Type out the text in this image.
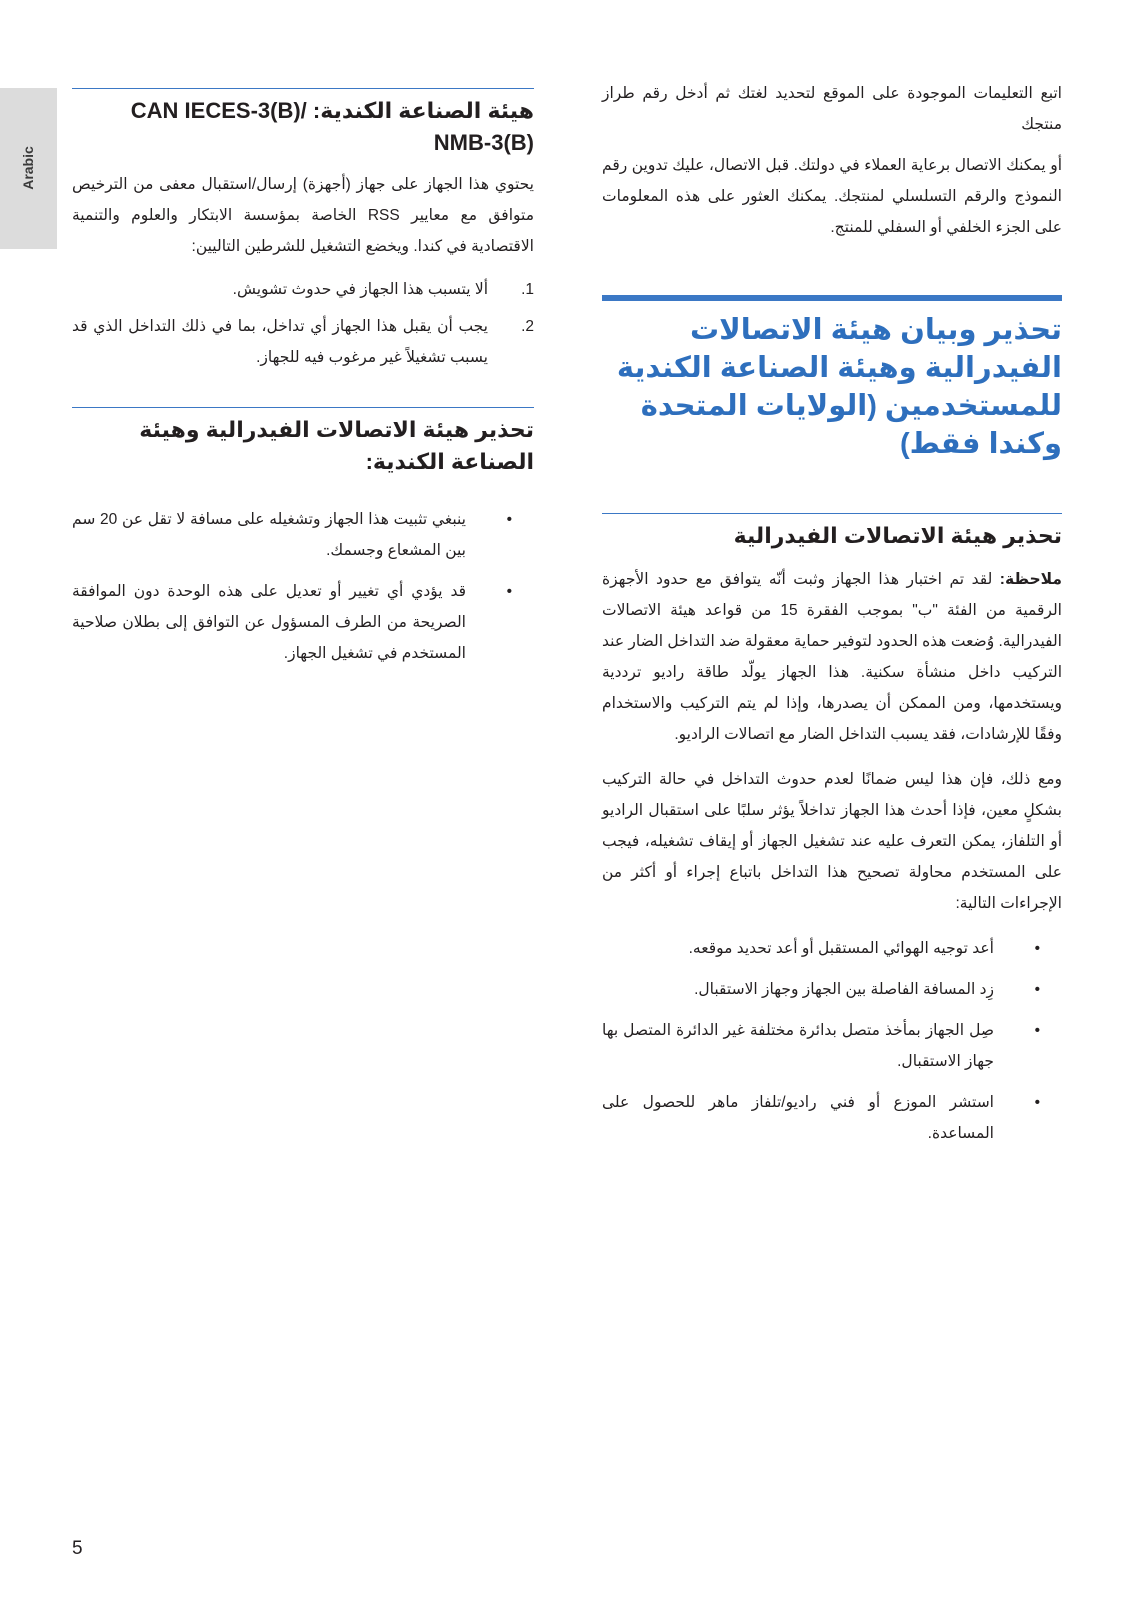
Arabic

اتبع التعليمات الموجودة على الموقع لتحديد لغتك ثم أدخل رقم طراز منتجك

أو يمكنك الاتصال برعاية العملاء في دولتك. قبل الاتصال، عليك تدوين رقم النموذج والرقم التسلسلي لمنتجك. يمكنك العثور على هذه المعلومات على الجزء الخلفي أو السفلي للمنتج.

تحذير وبيان هيئة الاتصالات الفيدرالية وهيئة الصناعة الكندية للمستخدمين (الولايات المتحدة وكندا فقط)
تحذير هيئة الاتصالات الفيدرالية

ملاحظة: لقد تم اختبار هذا الجهاز وثبت أنّه يتوافق مع حدود الأجهزة الرقمية من الفئة "ب" بموجب الفقرة 15 من قواعد هيئة الاتصالات الفيدرالية. وُضعت هذه الحدود لتوفير حماية معقولة ضد التداخل الضار عند التركيب داخل منشأة سكنية. هذا الجهاز يولّد طاقة راديو ترددية ويستخدمها، ومن الممكن أن يصدرها، وإذا لم يتم التركيب والاستخدام وفقًا للإرشادات، فقد يسبب التداخل الضار مع اتصالات الراديو.

ومع ذلك، فإن هذا ليس ضمانًا لعدم حدوث التداخل في حالة التركيب بشكلٍ معين، فإذا أحدث هذا الجهاز تداخلاً يؤثر سلبًا على استقبال الراديو أو التلفاز، يمكن التعرف عليه عند تشغيل الجهاز أو إيقاف تشغيله، فيجب على المستخدم محاولة تصحيح هذا التداخل باتباع إجراء أو أكثر من الإجراءات التالية:

•
أعد توجيه الهوائي المستقبل أو أعد تحديد موقعه.
•
زِد المسافة الفاصلة بين الجهاز وجهاز الاستقبال.
•
صِل الجهاز بمأخذ متصل بدائرة مختلفة غير الدائرة المتصل بها جهاز الاستقبال.
•
استشر الموزع أو فني راديو/تلفاز ماهر للحصول على المساعدة.
هيئة الصناعة الكندية: CAN IECES-3(B)/ NMB-3(B)

يحتوي هذا الجهاز على جهاز (أجهزة) إرسال/استقبال معفى من الترخيص متوافق مع معايير RSS الخاصة بمؤسسة الابتكار والعلوم والتنمية الاقتصادية في كندا. ويخضع التشغيل للشرطين التاليين:

1.
ألا يتسبب هذا الجهاز في حدوث تشويش.
2.
يجب أن يقبل هذا الجهاز أي تداخل، بما في ذلك التداخل الذي قد يسبب تشغيلاً غير مرغوب فيه للجهاز.
تحذير هيئة الاتصالات الفيدرالية وهيئة الصناعة الكندية:
•
ينبغي تثبيت هذا الجهاز وتشغيله على مسافة لا تقل عن 20 سم بين المشعاع وجسمك.
•
قد يؤدي أي تغيير أو تعديل على هذه الوحدة دون الموافقة الصريحة من الطرف المسؤول عن التوافق إلى بطلان صلاحية المستخدم في تشغيل الجهاز.
5
